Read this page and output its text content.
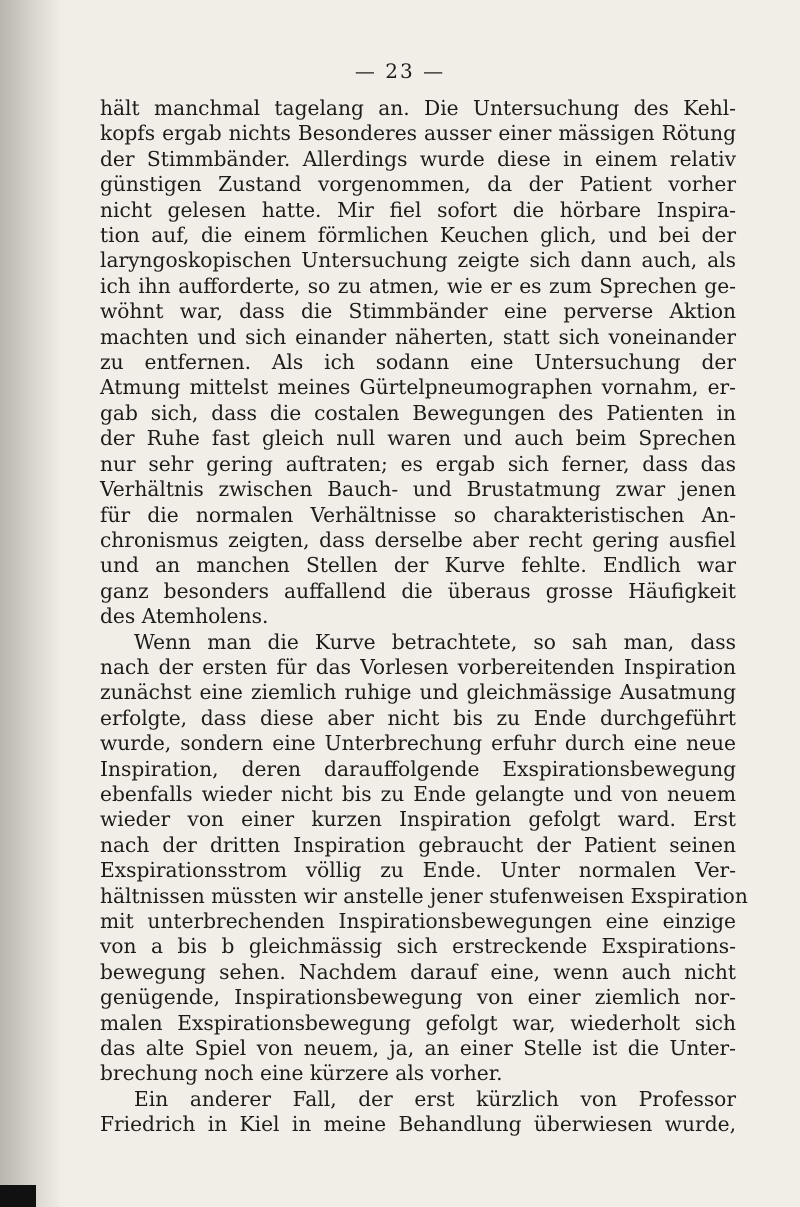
— 23 —
hält manchmal tagelang an. Die Untersuchung des Kehl-
kopfs ergab nichts Besonderes ausser einer mässigen Rötung
der Stimmbänder. Allerdings wurde diese in einem relativ
günstigen Zustand vorgenommen, da der Patient vorher
nicht gelesen hatte. Mir fiel sofort die hörbare Inspira-
tion auf, die einem förmlichen Keuchen glich, und bei der
laryngoskopischen Untersuchung zeigte sich dann auch, als
ich ihn aufforderte, so zu atmen, wie er es zum Sprechen ge-
wöhnt war, dass die Stimmbänder eine perverse Aktion
machten und sich einander näherten, statt sich voneinander
zu entfernen. Als ich sodann eine Untersuchung der
Atmung mittelst meines Gürtelpneumographen vornahm, er-
gab sich, dass die costalen Bewegungen des Patienten in
der Ruhe fast gleich null waren und auch beim Sprechen
nur sehr gering auftraten; es ergab sich ferner, dass das
Verhältnis zwischen Bauch- und Brustatmung zwar jenen
für die normalen Verhältnisse so charakteristischen An-
chronismus zeigten, dass derselbe aber recht gering ausfiel
und an manchen Stellen der Kurve fehlte. Endlich war
ganz besonders auffallend die überaus grosse Häufigkeit
des Atemholens.
Wenn man die Kurve betrachtete, so sah man, dass
nach der ersten für das Vorlesen vorbereitenden Inspiration
zunächst eine ziemlich ruhige und gleichmässige Ausatmung
erfolgte, dass diese aber nicht bis zu Ende durchgeführt
wurde, sondern eine Unterbrechung erfuhr durch eine neue
Inspiration, deren darauffolgende Exspirationsbewegung
ebenfalls wieder nicht bis zu Ende gelangte und von neuem
wieder von einer kurzen Inspiration gefolgt ward. Erst
nach der dritten Inspiration gebraucht der Patient seinen
Exspirationsstrom völlig zu Ende. Unter normalen Ver-
hältnissen müssten wir anstelle jener stufenweisen Exspiration
mit unterbrechenden Inspirationsbewegungen eine einzige
von a bis b gleichmässig sich erstreckende Exspirations-
bewegung sehen. Nachdem darauf eine, wenn auch nicht
genügende, Inspirationsbewegung von einer ziemlich nor-
malen Exspirationsbewegung gefolgt war, wiederholt sich
das alte Spiel von neuem, ja, an einer Stelle ist die Unter-
brechung noch eine kürzere als vorher.
Ein anderer Fall, der erst kürzlich von Professor
Friedrich in Kiel in meine Behandlung überwiesen wurde,
